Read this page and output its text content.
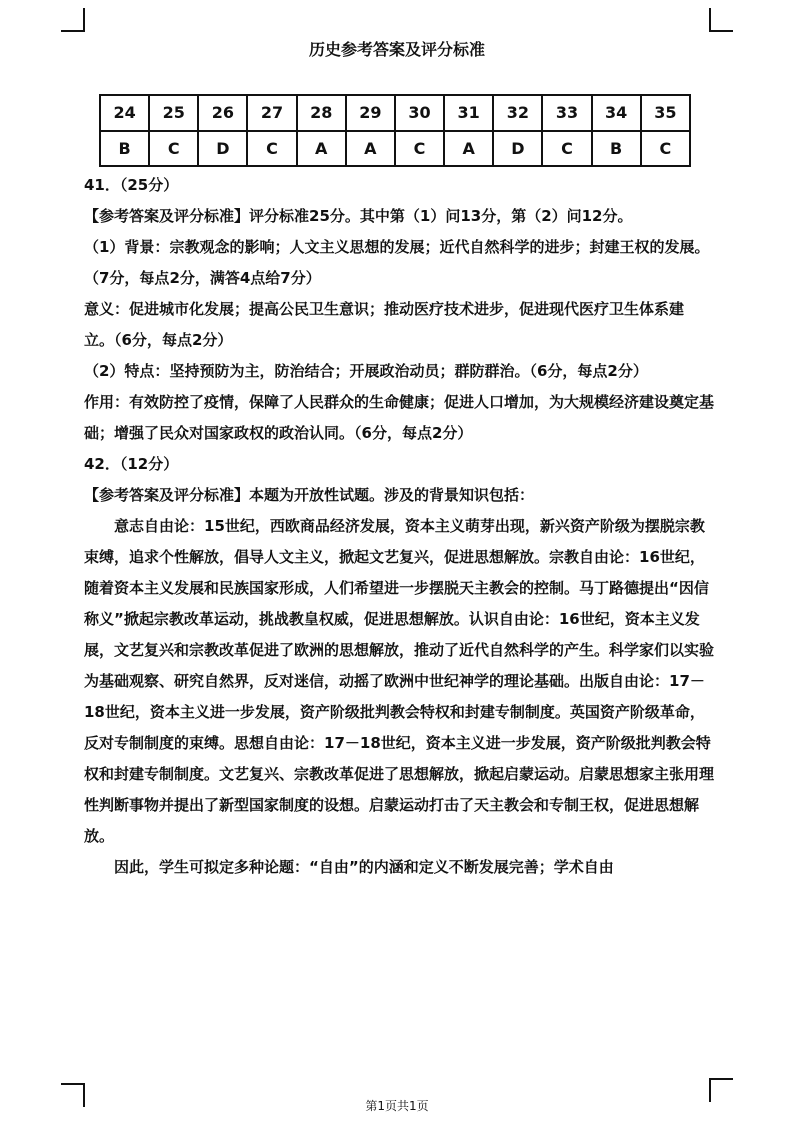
历史参考答案及评分标准
24	25	26	27	28	29	30	31	32	33	34	35
B	C	D	C	A	A	C	A	D	C	B	C

41．（25分）

【参考答案及评分标准】评分标准25分。其中第（1）问13分，第（2）问12分。

（1）背景：宗教观念的影响；人文主义思想的发展；近代自然科学的进步；封建王权的发展。（7分，每点2分，满答4点给7分）

意义：促进城市化发展；提高公民卫生意识；推动医疗技术进步，促进现代医疗卫生体系建立。（6分，每点2分）

（2）特点：坚持预防为主，防治结合；开展政治动员；群防群治。（6分，每点2分）

作用：有效防控了疫情，保障了人民群众的生命健康；促进人口增加，为大规模经济建设奠定基础；增强了民众对国家政权的政治认同。（6分，每点2分）

42．（12分）

【参考答案及评分标准】本题为开放性试题。涉及的背景知识包括：

意志自由论：15世纪，西欧商品经济发展，资本主义萌芽出现，新兴资产阶级为摆脱宗教束缚，追求个性解放，倡导人文主义，掀起文艺复兴，促进思想解放。宗教自由论：16世纪，随着资本主义发展和民族国家形成，人们希望进一步摆脱天主教会的控制。马丁路德提出“因信称义”掀起宗教改革运动，挑战教皇权威，促进思想解放。认识自由论：16世纪，资本主义发展，文艺复兴和宗教改革促进了欧洲的思想解放，推动了近代自然科学的产生。科学家们以实验为基础观察、研究自然界，反对迷信，动摇了欧洲中世纪神学的理论基础。出版自由论：17－18世纪，资本主义进一步发展，资产阶级批判教会特权和封建专制制度。英国资产阶级革命，反对专制制度的束缚。思想自由论：17－18世纪，资本主义进一步发展，资产阶级批判教会特权和封建专制制度。文艺复兴、宗教改革促进了思想解放，掀起启蒙运动。启蒙思想家主张用理性判断事物并提出了新型国家制度的设想。启蒙运动打击了天主教会和专制王权，促进思想解放。

因此，学生可拟定多种论题：“自由”的内涵和定义不断发展完善；学术自由

第1页共1页
